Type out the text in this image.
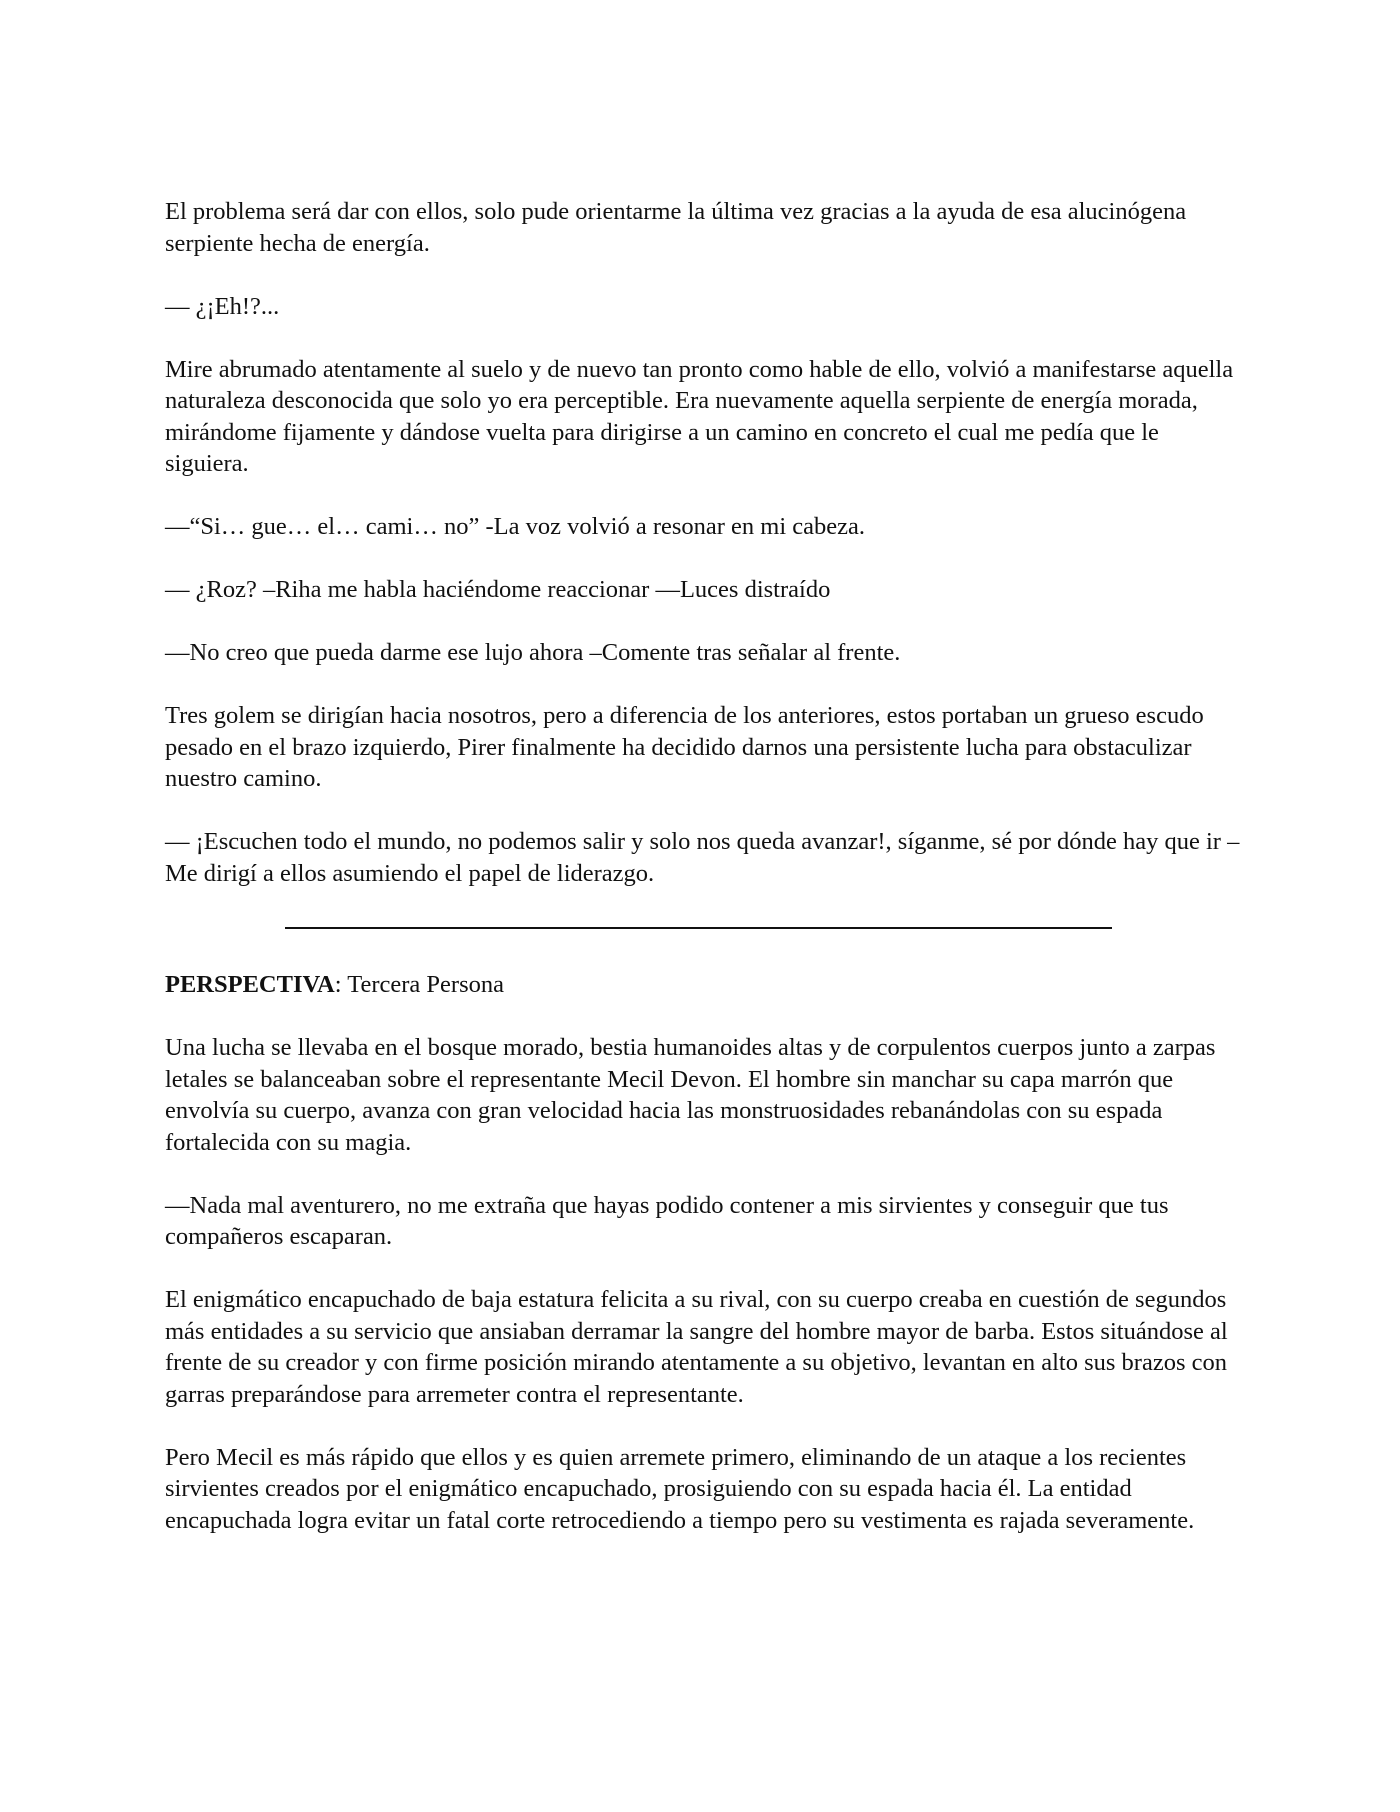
El problema será dar con ellos, solo pude orientarme la última vez gracias a la ayuda de esa alucinógena serpiente hecha de energía.

— ¿¡Eh!?...

Mire abrumado atentamente al suelo y de nuevo tan pronto como hable de ello, volvió a manifestarse aquella naturaleza desconocida que solo yo era perceptible. Era nuevamente aquella serpiente de energía morada, mirándome fijamente y dándose vuelta para dirigirse a un camino en concreto el cual me pedía que le siguiera.

—“Si… gue… el… cami… no” -La voz volvió a resonar en mi cabeza.

— ¿Roz? –Riha me habla haciéndome reaccionar —Luces distraído

—No creo que pueda darme ese lujo ahora –Comente tras señalar al frente.

Tres golem se dirigían hacia nosotros, pero a diferencia de los anteriores, estos portaban un grueso escudo pesado en el brazo izquierdo, Pirer finalmente ha decidido darnos una persistente lucha para obstaculizar nuestro camino.

— ¡Escuchen todo el mundo, no podemos salir y solo nos queda avanzar!, síganme, sé por dónde hay que ir –Me dirigí a ellos asumiendo el papel de liderazgo.

PERSPECTIVA: Tercera Persona

Una lucha se llevaba en el bosque morado, bestia humanoides altas y de corpulentos cuerpos junto a zarpas letales se balanceaban sobre el representante Mecil Devon. El hombre sin manchar su capa marrón que envolvía su cuerpo, avanza con gran velocidad hacia las monstruosidades rebanándolas con su espada fortalecida con su magia.

—Nada mal aventurero, no me extraña que hayas podido contener a mis sirvientes y conseguir que tus compañeros escaparan.

El enigmático encapuchado de baja estatura felicita a su rival, con su cuerpo creaba en cuestión de segundos más entidades a su servicio que ansiaban derramar la sangre del hombre mayor de barba. Estos situándose al frente de su creador y con firme posición mirando atentamente a su objetivo, levantan en alto sus brazos con garras preparándose para arremeter contra el representante.

Pero Mecil es más rápido que ellos y es quien arremete primero, eliminando de un ataque a los recientes sirvientes creados por el enigmático encapuchado, prosiguiendo con su espada hacia él. La entidad encapuchada logra evitar un fatal corte retrocediendo a tiempo pero su vestimenta es rajada severamente.
